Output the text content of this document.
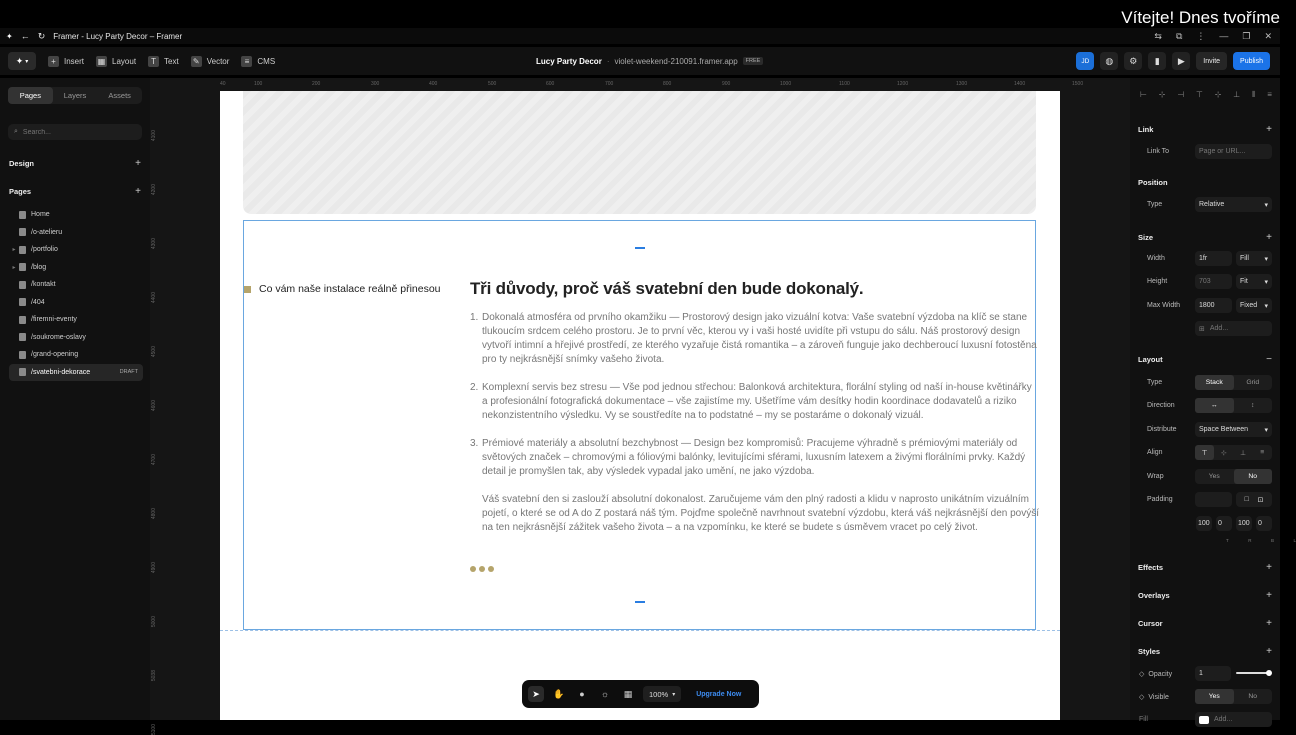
✦ ← ↻ Framer - Lucy Party Decor – Framer	⇆ ⧉ ⋮ — ❐ ✕
Vítejte! Dnes tvoříme
✦ ▾	+	Insert ▦ Layout	T	Text ✎ Vector	≡	CMS	Lucy Party Decor · violet-weekend-210091.framer.app	FREE	JD	◍	⚙	▮	▶	Invite	Publish
Pages	Layers	Assets
⌕
Search...
Design	+
Pages	+
Home
/o-atelieru
▸	/portfolio
▸	/blog
/kontakt
/404
/firemni-eventy
/soukrome-oslavy
/grand-opening
/svatebni-dekorace	DRAFT
40	100	200	300	400	500	600	700	800	900	1000	1100	1200	1300	1400	1500
4100
4200
4300
4400
4500
4600
4700
4800
4900
5000
5038
5100
Co vám naše instalace reálně přinesou Tři důvody, proč váš svatební den bude dokonalý.
1. Dokonalá atmosféra od prvního okamžiku — Prostorový design jako vizuální kotva: Vaše svatební výzdoba na klíč se stane tlukoucím srdcem celého prostoru. Je to první věc, kterou vy i vaši hosté uvidíte při vstupu do sálu. Náš prostorový design vytvoří intimní a hřejivé prostředí, ze kterého vyzařuje čistá romantika – a zároveň funguje jako dechberoucí luxusní fotostěna pro ty nejkrásnější snímky vašeho života.
2. Komplexní servis bez stresu — Vše pod jednou střechou: Balonková architektura, florální styling od naší in-house květinářky a profesionální fotografická dokumentace – vše zajistíme my. Ušetříme vám desítky hodin koordinace dodavatelů a riziko nekonzistentního výsledku. Vy se soustředíte na to podstatné – my se postaráme o dokonalý vizuál.
3. Prémiové materiály a absolutní bezchybnost — Design bez kompromisů: Pracujeme výhradně s prémiovými materiály od světových značek – chromovými a fóliovými balónky, levitujícími sférami, luxusním latexem a živými florálními prvky. Každý detail je promyšlen tak, aby výsledek vypadal jako umění, ne jako výzdoba.
Váš svatební den si zaslouží absolutní dokonalost. Zaručujeme vám den plný radosti a klidu v naprosto unikátním vizuálním pojetí, o které se od A do Z postará náš tým. Pojďme společně navrhnout svatební výzdobu, která váš nejkrásnější den povýší na ten nejkrásnější zážitek vašeho života – a na vzpomínku, ke které se budete s úsměvem vracet po celý život.
➤	✋	●	☼	▦	100% ▾	Upgrade Now
⊢ ⊹ ⊣ ⊤ ⊹ ⊥ ⫴ ≡
Link	+
Link To	Page or URL...
Position
Type	Relative	▾
Size	+
Width	1fr	Fill ▾
Height	703	Fit ▾
Max Width	1800	Fixed ▾
⊞ Add...
Layout	−
Type	Stack	Grid
Direction	↔	↕
Distribute	Space Between ▾
Align	⊤	⊹	⊥	≡
Wrap	Yes	No
Padding	□ ⊡
100	0	100	0
T	R	B	L
Effects	+
Overlays	+
Cursor	+
Styles	+
◇ Opacity	1
◇ Visible	Yes	No
Fill	Add...
